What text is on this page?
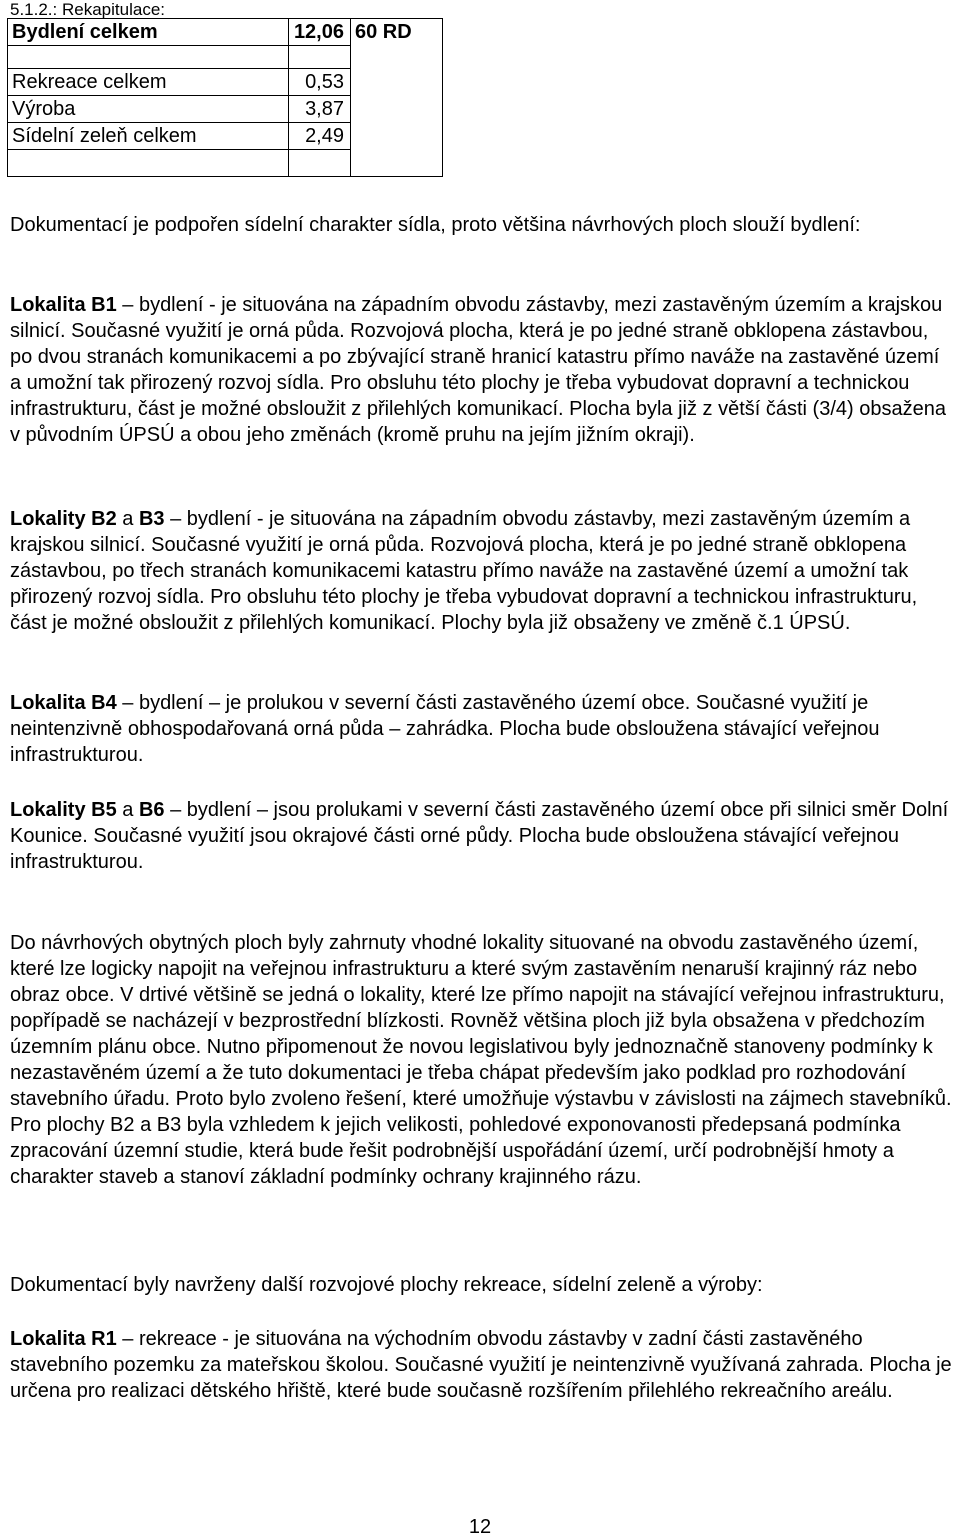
5.1.2.: Rekapitulace:
Bydlení celkem	12,06	60 RD

Rekreace celkem	0,53	
Výroba	3,87	
Sídelní zeleň celkem	2,49	

Dokumentací je podpořen sídelní charakter sídla, proto většina návrhových ploch slouží bydlení:

Lokalita B1 – bydlení - je situována na západním obvodu zástavby, mezi zastavěným územím a krajskou silnicí. Současné využití je orná půda. Rozvojová plocha, která je po jedné straně obklopena zástavbou, po dvou stranách komunikacemi a po zbývající straně hranicí katastru přímo naváže na zastavěné území a umožní tak přirozený rozvoj sídla. Pro obsluhu této plochy je třeba vybudovat dopravní a technickou infrastrukturu, část je možné obsloužit z přilehlých komunikací. Plocha byla již z větší části (3/4) obsažena v původním ÚPSÚ a obou jeho změnách (kromě pruhu na jejím jižním okraji).

Lokality B2 a B3 – bydlení - je situována na západním obvodu zástavby, mezi zastavěným územím a krajskou silnicí. Současné využití je orná půda. Rozvojová plocha, která je po jedné straně obklopena zástavbou, po třech stranách komunikacemi katastru přímo naváže na zastavěné území a umožní tak přirozený rozvoj sídla. Pro obsluhu této plochy je třeba vybudovat dopravní a technickou infrastrukturu, část je možné obsloužit z přilehlých komunikací. Plochy byla již obsaženy ve změně č.1 ÚPSÚ.

Lokalita B4 – bydlení – je prolukou v severní části zastavěného území obce. Současné využití je neintenzivně obhospodařovaná orná půda – zahrádka. Plocha bude obsloužena stávající veřejnou infrastrukturou.

Lokality B5 a B6 – bydlení – jsou prolukami v severní části zastavěného území obce při silnici směr Dolní Kounice. Současné využití jsou okrajové části orné půdy. Plocha bude obsloužena stávající veřejnou infrastrukturou.

Do návrhových obytných ploch byly zahrnuty vhodné lokality situované na obvodu zastavěného území, které lze logicky napojit na veřejnou infrastrukturu a které svým zastavěním nenaruší krajinný ráz nebo obraz obce. V drtivé většině se jedná o lokality, které lze přímo napojit na stávající veřejnou infrastrukturu, popřípadě se nacházejí v bezprostřední blízkosti. Rovněž většina ploch již byla obsažena v předchozím územním plánu obce. Nutno připomenout že novou legislativou byly jednoznačně stanoveny podmínky k nezastavěném území a že tuto dokumentaci je třeba chápat především jako podklad pro rozhodování stavebního úřadu. Proto bylo zvoleno řešení, které umožňuje výstavbu v závislosti na zájmech stavebníků. Pro plochy B2 a B3 byla vzhledem k jejich velikosti, pohledové exponovanosti předepsaná podmínka zpracování územní studie, která bude řešit podrobnější uspořádání území, určí podrobnější hmoty a charakter staveb a stanoví základní podmínky ochrany krajinného rázu.

Dokumentací byly navrženy další rozvojové plochy rekreace, sídelní zeleně a výroby:

Lokalita R1 – rekreace - je situována na východním obvodu zástavby v zadní části zastavěného stavebního pozemku za mateřskou školou. Současné využití je neintenzivně využívaná zahrada. Plocha je určena pro realizaci dětského hřiště, které bude současně rozšířením přilehlého rekreačního areálu.

12
